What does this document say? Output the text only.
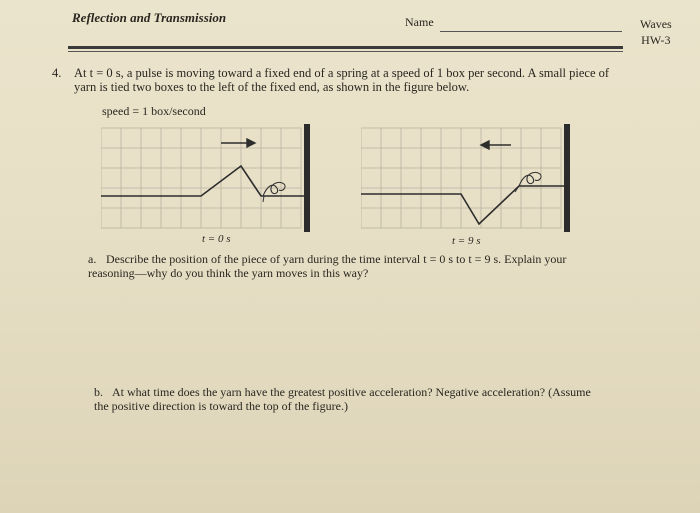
Reflection and Transmission	Name	Waves
HW-3
4. At t = 0 s, a pulse is moving toward a fixed end of a spring at a speed of 1 box per second. A small piece of yarn is tied two boxes to the left of the fixed end, as shown in the figure below.
speed = 1 box/second
t = 0 s	t = 9 s
a. Describe the position of the piece of yarn during the time interval t = 0 s to t = 9 s. Explain your reasoning—why do you think the yarn moves in this way?
b. At what time does the yarn have the greatest positive acceleration? Negative acceleration? (Assume the positive direction is toward the top of the figure.)
